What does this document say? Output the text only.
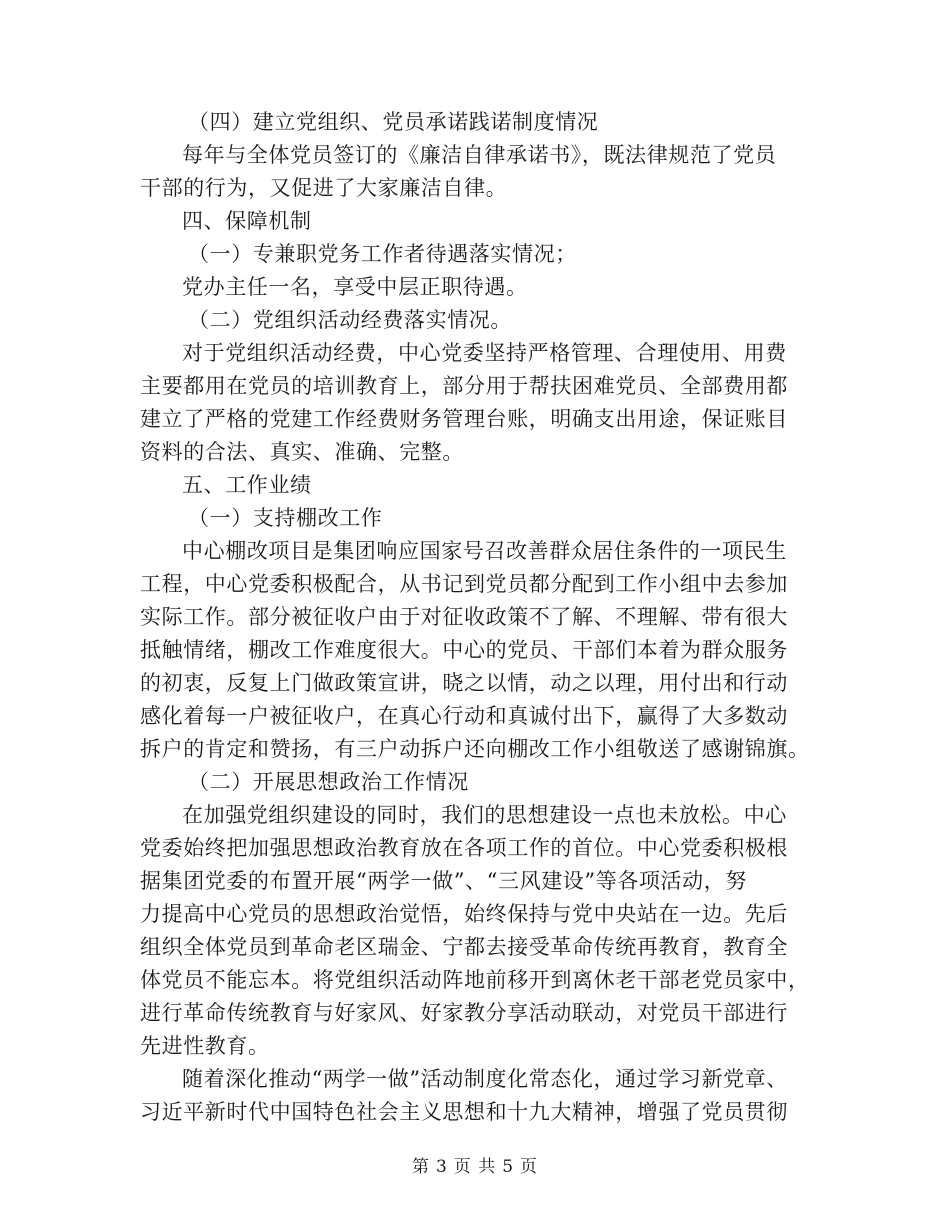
（四）建立党组织、党员承诺践诺制度情况
每年与全体党员签订的《廉洁自律承诺书》，既法律规范了党员
干部的行为，又促进了大家廉洁自律。
四、保障机制
（一）专兼职党务工作者待遇落实情况；
党办主任一名，享受中层正职待遇。
（二）党组织活动经费落实情况。
对于党组织活动经费，中心党委坚持严格管理、合理使用、用费
主要都用在党员的培训教育上，部分用于帮扶困难党员、全部费用都
建立了严格的党建工作经费财务管理台账，明确支出用途，保证账目
资料的合法、真实、准确、完整。
五、工作业绩
（一）支持棚改工作
中心棚改项目是集团响应国家号召改善群众居住条件的一项民生
工程，中心党委积极配合，从书记到党员都分配到工作小组中去参加
实际工作。部分被征收户由于对征收政策不了解、不理解、带有很大
抵触情绪，棚改工作难度很大。中心的党员、干部们本着为群众服务
的初衷，反复上门做政策宣讲，晓之以情，动之以理，用付出和行动
感化着每一户被征收户，在真心行动和真诚付出下，赢得了大多数动
拆户的肯定和赞扬，有三户动拆户还向棚改工作小组敬送了感谢锦旗。
（二）开展思想政治工作情况
在加强党组织建设的同时，我们的思想建设一点也未放松。中心
党委始终把加强思想政治教育放在各项工作的首位。中心党委积极根
据集团党委的布置开展“两学一做”、“三风建设”等各项活动，努
力提高中心党员的思想政治觉悟，始终保持与党中央站在一边。先后
组织全体党员到革命老区瑞金、宁都去接受革命传统再教育，教育全
体党员不能忘本。将党组织活动阵地前移开到离休老干部老党员家中，
进行革命传统教育与好家风、好家教分享活动联动，对党员干部进行
先进性教育。
随着深化推动“两学一做”活动制度化常态化，通过学习新党章、
习近平新时代中国特色社会主义思想和十九大精神，增强了党员贯彻
第 3 页 共 5 页
